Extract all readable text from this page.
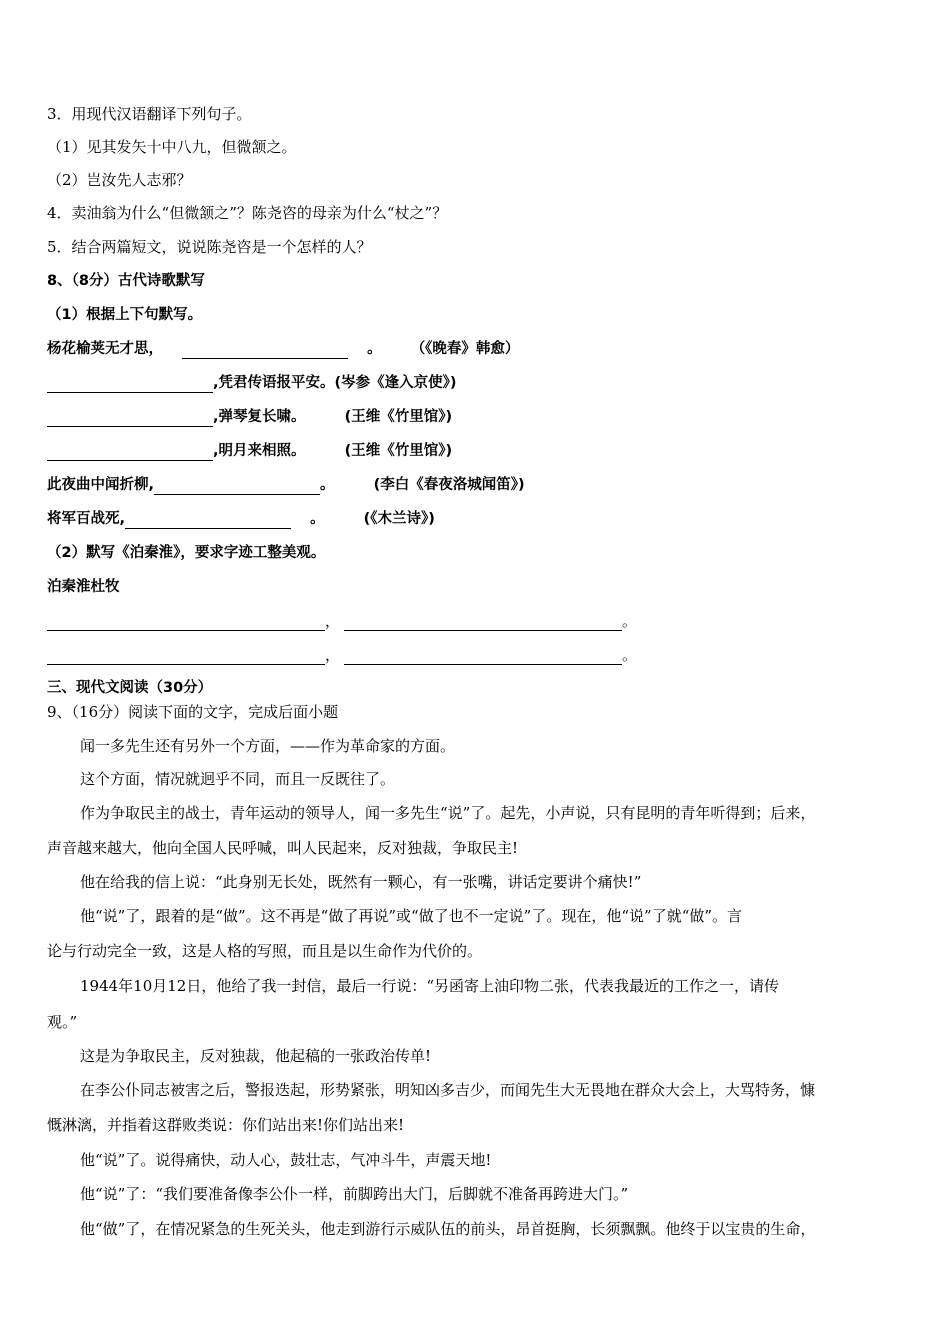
3．用现代汉语翻译下列句子。
（1）见其发矢十中八九，但微颔之。
（2）岂汝先人志邪？
4．卖油翁为什么“但微颔之”？陈尧咨的母亲为什么“杖之”？
5．结合两篇短文，说说陈尧咨是一个怎样的人？
8、（8分）古代诗歌默写
（1）根据上下句默写。
杨花榆荚无才思，	。 （《晚春》韩愈）
,凭君传语报平安。(岑参《逢入京使》)
,弹琴复长啸。	(王维《竹里馆》)
,明月来相照。	(王维《竹里馆》)
此夜曲中闻折柳,	。	(李白《春夜洛城闻笛》)
将军百战死,	。	(《木兰诗》)
（2）默写《泊秦淮》，要求字迹工整美观。
泊秦淮杜牧
，	。
，	。
三、现代文阅读（30分）
9、（16分）阅读下面的文字，完成后面小题
闻一多先生还有另外一个方面，——作为革命家的方面。
这个方面，情况就迥乎不同，而且一反既往了。
作为争取民主的战士，青年运动的领导人，闻一多先生“说”了。起先，小声说，只有昆明的青年听得到；后来，
声音越来越大，他向全国人民呼喊，叫人民起来，反对独裁，争取民主!
他在给我的信上说：“此身别无长处，既然有一颗心，有一张嘴，讲话定要讲个痛快!”
他“说”了，跟着的是“做”。这不再是“做了再说”或“做了也不一定说”了。现在，他“说”了就“做”。言
论与行动完全一致，这是人格的写照，而且是以生命作为代价的。
1944年10月12日，他给了我一封信，最后一行说：“另函寄上油印物二张，代表我最近的工作之一，请传
观。”
这是为争取民主，反对独裁，他起稿的一张政治传单!
在李公仆同志被害之后，警报迭起，形势紧张，明知凶多吉少，而闻先生大无畏地在群众大会上，大骂特务，慷
慨淋漓，并指着这群败类说：你们站出来!你们站出来!
他“说”了。说得痛快，动人心，鼓壮志，气冲斗牛，声震天地!
他“说”了：“我们要准备像李公仆一样，前脚跨出大门，后脚就不准备再跨进大门。”
他“做”了，在情况紧急的生死关头，他走到游行示威队伍的前头，昂首挺胸，长须飘飘。他终于以宝贵的生命，
